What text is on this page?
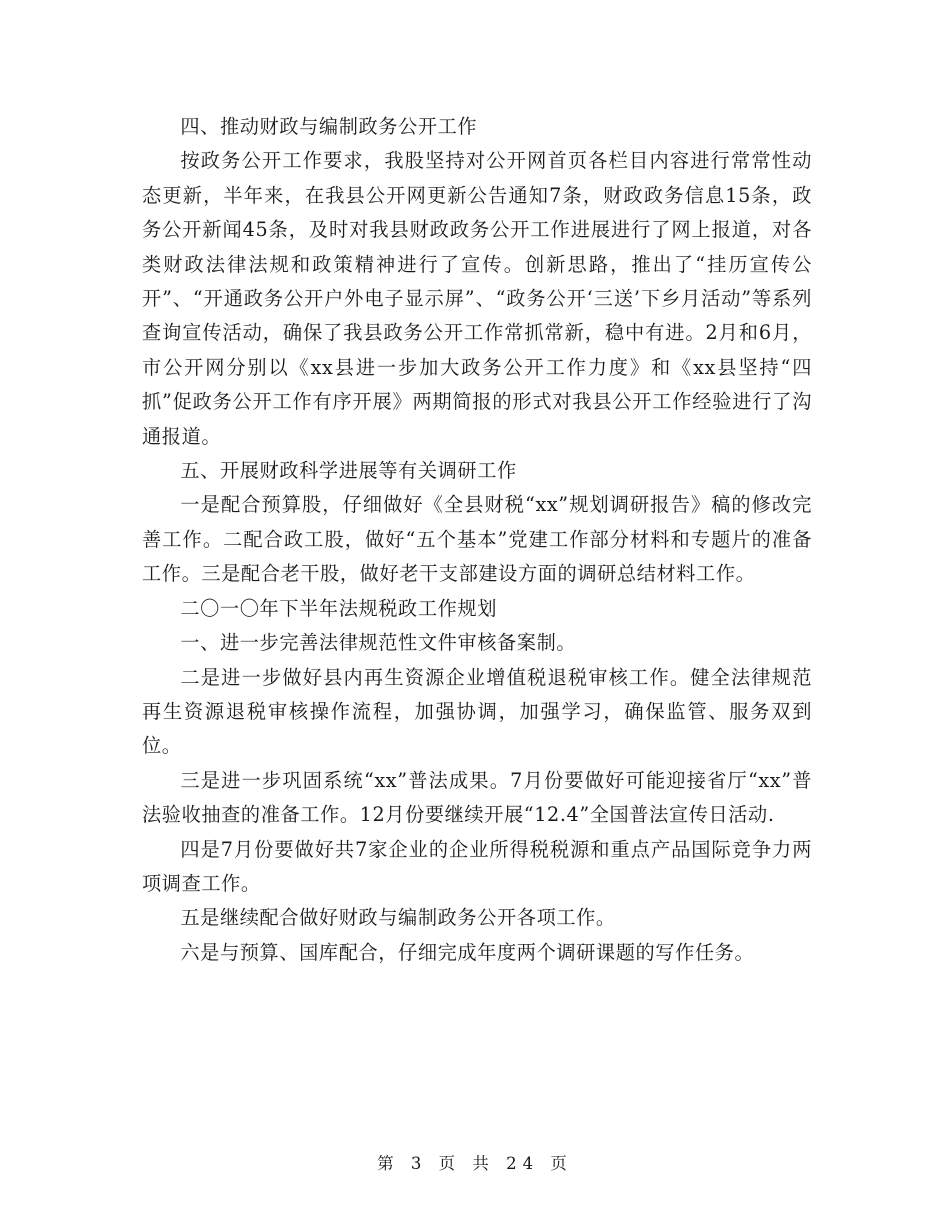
四、推动财政与编制政务公开工作

按政务公开工作要求，我股坚持对公开网首页各栏目内容进行常常性动态更新，半年来，在我县公开网更新公告通知7条，财政政务信息15条，政务公开新闻45条，及时对我县财政政务公开工作进展进行了网上报道，对各类财政法律法规和政策精神进行了宣传。创新思路，推出了“挂历宣传公开”、“开通政务公开户外电子显示屏”、“政务公开‘三送’下乡月活动”等系列查询宣传活动，确保了我县政务公开工作常抓常新，稳中有进。2月和6月，市公开网分别以《xx县进一步加大政务公开工作力度》和《xx县坚持“四抓”促政务公开工作有序开展》两期简报的形式对我县公开工作经验进行了沟通报道。

五、开展财政科学进展等有关调研工作

一是配合预算股，仔细做好《全县财税“xx”规划调研报告》稿的修改完善工作。二配合政工股，做好“五个基本”党建工作部分材料和专题片的准备工作。三是配合老干股，做好老干支部建设方面的调研总结材料工作。

二〇一〇年下半年法规税政工作规划

一、进一步完善法律规范性文件审核备案制。

二是进一步做好县内再生资源企业增值税退税审核工作。健全法律规范再生资源退税审核操作流程，加强协调，加强学习，确保监管、服务双到位。

三是进一步巩固系统“xx”普法成果。7月份要做好可能迎接省厅“xx”普法验收抽查的准备工作。12月份要继续开展“12.4”全国普法宣传日活动.

四是7月份要做好共7家企业的企业所得税税源和重点产品国际竞争力两项调查工作。

五是继续配合做好财政与编制政务公开各项工作。

六是与预算、国库配合，仔细完成年度两个调研课题的写作任务。

第 3 页 共 24 页
